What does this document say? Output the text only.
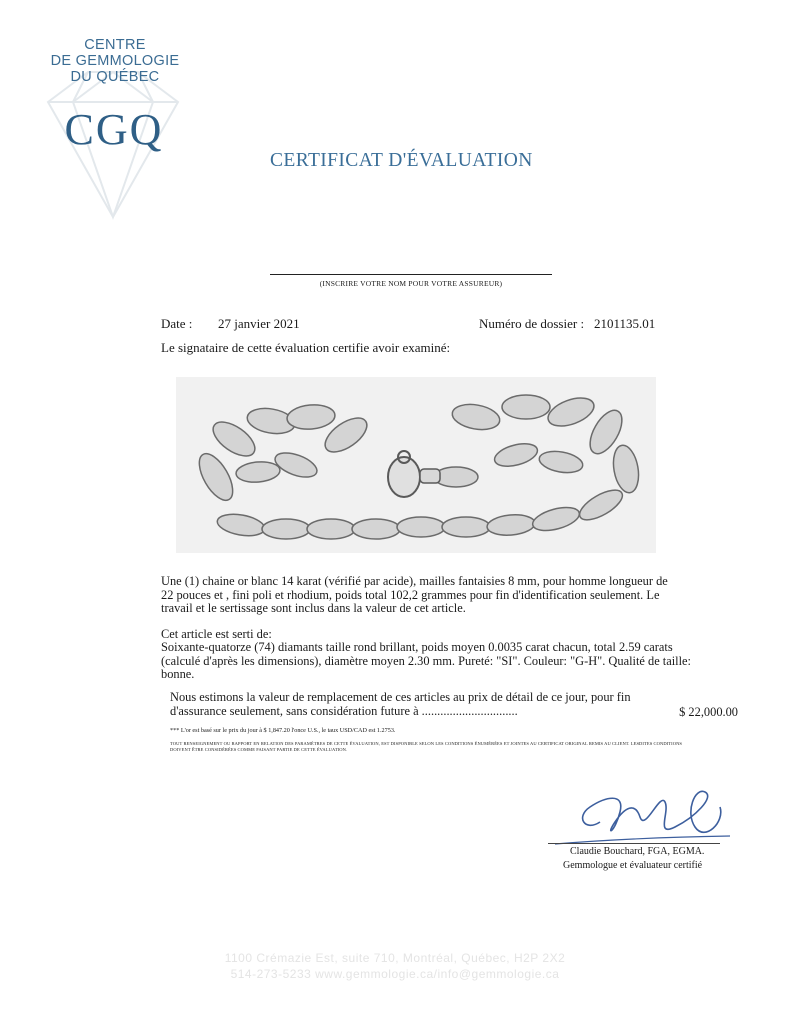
CENTRE
DE GEMMOLOGIE
DU QUÉBEC
CGQ
CERTIFICAT D'ÉVALUATION
(INSCRIRE VOTRE NOM POUR VOTRE ASSUREUR)
Date : 27 janvier 2021	Numéro de dossier : 2101135.01
Le signataire de cette évaluation certifie avoir examiné:
Une (1) chaine or blanc 14 karat (vérifié par acide), mailles fantaisies 8 mm, pour homme longueur de 22 pouces et , fini poli et rhodium, poids total 102,2 grammes pour fin d'identification seulement. Le travail et le sertissage sont inclus dans la valeur de cet article.
Cet article est serti de:
Soixante-quatorze (74) diamants taille rond brillant, poids moyen 0.0035 carat chacun, total 2.59 carats (calculé d'après les dimensions), diamètre moyen 2.30 mm. Pureté: "SI". Couleur: "G-H". Qualité de taille: bonne.
Nous estimons la valeur de remplacement de ces articles au prix de détail de ce jour, pour fin d'assurance seulement, sans considération future à ...............................	$ 22,000.00
*** L'or est basé sur le prix du jour à $ 1,847.20 l'once U.S., le taux USD/CAD est 1.2753.
TOUT RENSEIGNEMENT OU RAPPORT EN RELATION DES PARAMÈTRES DE CETTE ÉVALUATION, EST DISPONIBLE SELON LES CONDITIONS ÉNUMÉRÉES ET JOINTES AU CERTIFICAT ORIGINAL REMIS AU CLIENT. LESDITES CONDITIONS DOIVENT ÊTRE CONSIDÉRÉES COMME FAISANT PARTIE DE CETTE ÉVALUATION.
Claudie Bouchard, FGA, EGMA.
Gemmologue et évaluateur certifié
1100 Crémazie Est, suite 710, Montréal, Québec, H2P 2X2
514-273-5233 www.gemmologie.ca/info@gemmologie.ca
